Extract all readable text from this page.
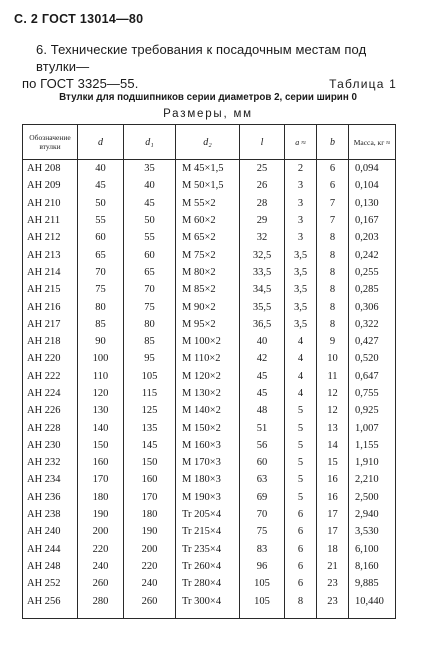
С. 2 ГОСТ 13014—80
6. Технические требования к посадочным местам под втулки—
по ГОСТ 3325—55.	Таблица 1
Втулки для подшипников серии диаметров 2, серии ширин 0
Размеры, мм
Обозначение втулки	d	d₁	d₂	l	a ≈	b	Масса, кг ≈
АН 208	40	35	М 45×1,5	25	2	6	0,094
АН 209	45	40	М 50×1,5	26	3	6	0,104
АН 210	50	45	М 55×2	28	3	7	0,130
АН 211	55	50	М 60×2	29	3	7	0,167
АН 212	60	55	М 65×2	32	3	8	0,203
АН 213	65	60	М 75×2	32,5	3,5	8	0,242
АН 214	70	65	М 80×2	33,5	3,5	8	0,255
АН 215	75	70	М 85×2	34,5	3,5	8	0,285
АН 216	80	75	М 90×2	35,5	3,5	8	0,306
АН 217	85	80	М 95×2	36,5	3,5	8	0,322
АН 218	90	85	М 100×2	40	4	9	0,427
АН 220	100	95	М 110×2	42	4	10	0,520
АН 222	110	105	М 120×2	45	4	11	0,647
АН 224	120	115	М 130×2	45	4	12	0,755
АН 226	130	125	М 140×2	48	5	12	0,925
АН 228	140	135	М 150×2	51	5	13	1,007
АН 230	150	145	М 160×3	56	5	14	1,155
АН 232	160	150	М 170×3	60	5	15	1,910
АН 234	170	160	М 180×3	63	5	16	2,210
АН 236	180	170	М 190×3	69	5	16	2,500
АН 238	190	180	Tr 205×4	70	6	17	2,940
АН 240	200	190	Tr 215×4	75	6	17	3,530
АН 244	220	200	Tr 235×4	83	6	18	6,100
АН 248	240	220	Tr 260×4	96	6	21	8,160
АН 252	260	240	Tr 280×4	105	6	23	9,885
АН 256	280	260	Tr 300×4	105	8	23	10,440
